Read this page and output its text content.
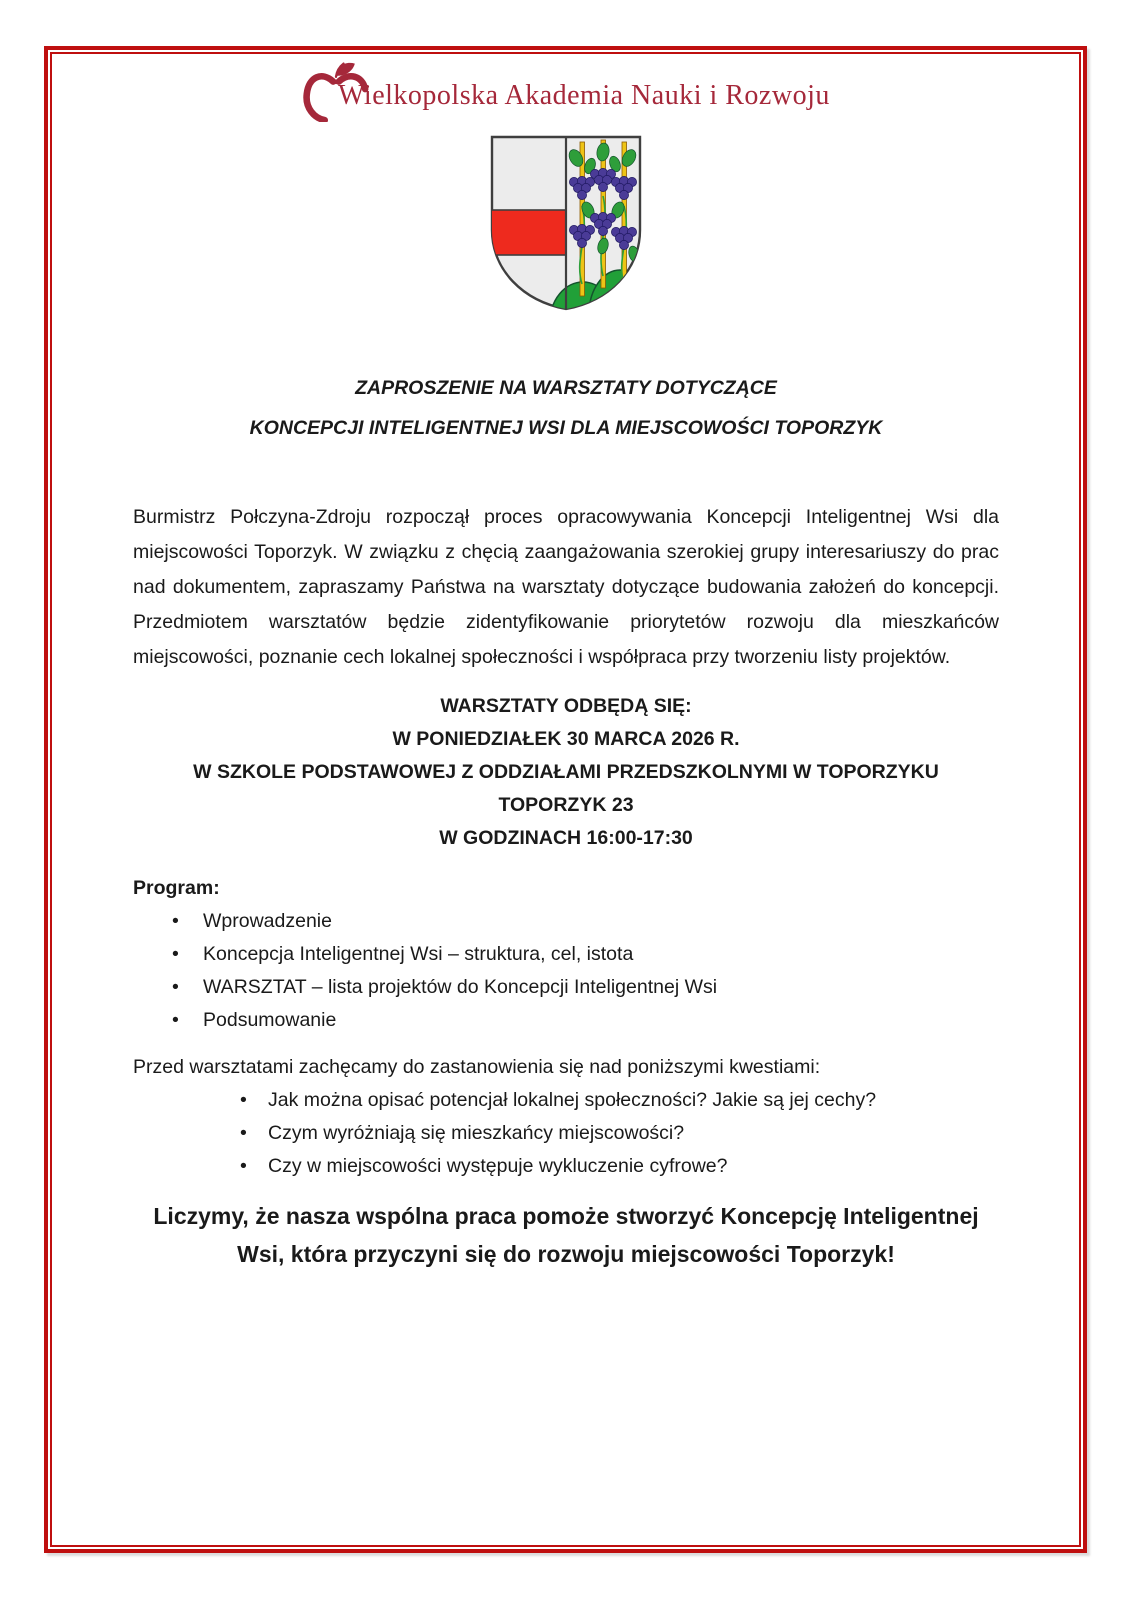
Wielkopolska Akademia Nauki i Rozwoju
ZAPROSZENIE NA WARSZTATY DOTYCZĄCE
KONCEPCJI INTELIGENTNEJ WSI DLA MIEJSCOWOŚCI TOPORZYK

Burmistrz Połczyna-Zdroju rozpoczął proces opracowywania Koncepcji Inteligentnej Wsi dla miejscowości Toporzyk. W związku z chęcią zaangażowania szerokiej grupy interesariuszy do prac nad dokumentem, zapraszamy Państwa na warsztaty dotyczące budowania założeń do koncepcji. Przedmiotem warsztatów będzie zidentyfikowanie priorytetów rozwoju dla mieszkańców miejscowości, poznanie cech lokalnej społeczności i współpraca przy tworzeniu listy projektów.

WARSZTATY ODBĘDĄ SIĘ:
W PONIEDZIAŁEK 30 MARCA 2026 R.
W SZKOLE PODSTAWOWEJ Z ODDZIAŁAMI PRZEDSZKOLNYMI W TOPORZYKU
TOPORZYK 23
W GODZINACH 16:00-17:30
Program:
•	Wprowadzenie
•	Koncepcja Inteligentnej Wsi – struktura, cel, istota
•	WARSZTAT – lista projektów do Koncepcji Inteligentnej Wsi
•	Podsumowanie
Przed warsztatami zachęcamy do zastanowienia się nad poniższymi kwestiami:
•	Jak można opisać potencjał lokalnej społeczności? Jakie są jej cechy?
•	Czym wyróżniają się mieszkańcy miejscowości?
•	Czy w miejscowości występuje wykluczenie cyfrowe?
Liczymy, że nasza wspólna praca pomoże stworzyć Koncepcję Inteligentnej
Wsi, która przyczyni się do rozwoju miejscowości Toporzyk!
